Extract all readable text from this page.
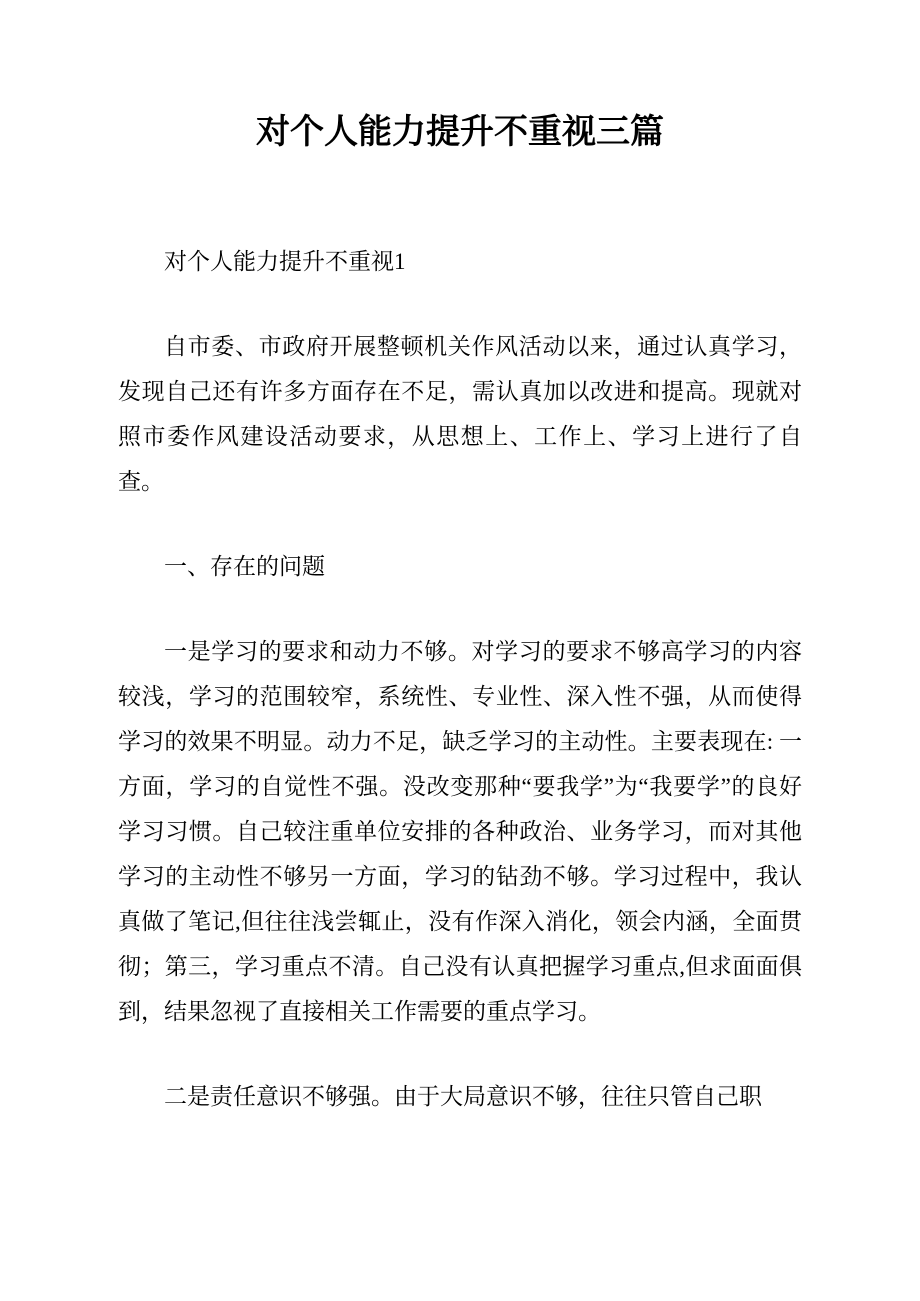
对个人能力提升不重视三篇

对个人能力提升不重视1

自市委、市政府开展整顿机关作风活动以来，通过认真学习，发现自己还有许多方面存在不足，需认真加以改进和提高。现就对照市委作风建设活动要求，从思想上、工作上、学习上进行了自查。

一、存在的问题

一是学习的要求和动力不够。对学习的要求不够高学习的内容较浅，学习的范围较窄，系统性、专业性、深入性不强，从而使得学习的效果不明显。动力不足，缺乏学习的主动性。主要表现在: 一方面，学习的自觉性不强。没改变那种“要我学”为“我要学”的良好学习习惯。自己较注重单位安排的各种政治、业务学习，而对其他学习的主动性不够另一方面，学习的钻劲不够。学习过程中，我认真做了笔记,但往往浅尝辄止，没有作深入消化，领会内涵，全面贯彻；第三，学习重点不清。自己没有认真把握学习重点,但求面面俱到，结果忽视了直接相关工作需要的重点学习。

二是责任意识不够强。由于大局意识不够，往往只管自己职
